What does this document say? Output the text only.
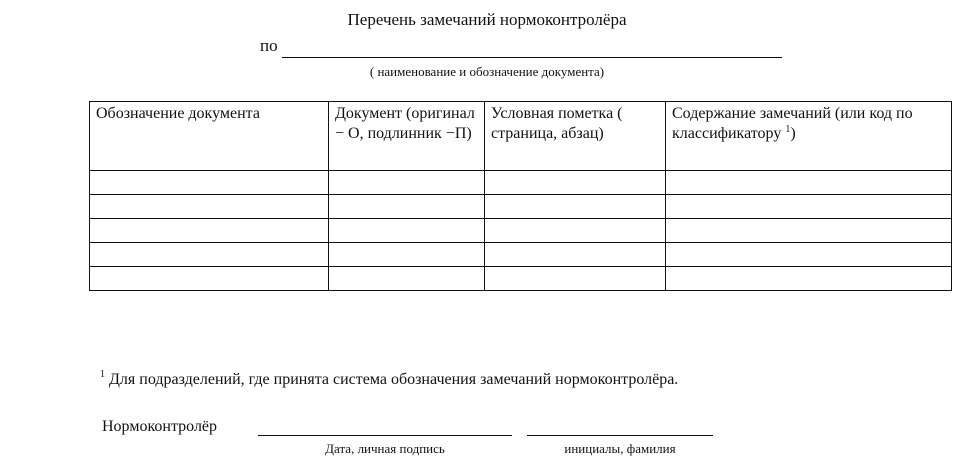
Перечень замечаний нормоконтролёра
по
( наименование и обозначение документа)
Обозначение документа	Документ (оригинал − О, подлинник −П)	Условная пометка ( страница, абзац)	Содержание замечаний (или код по классификатору $^1$)

$^1$ Для подразделений, где принята система обозначения замечаний нормоконтролёра.
Нормоконтролёр
Дата, личная подпись	инициалы, фамилия
